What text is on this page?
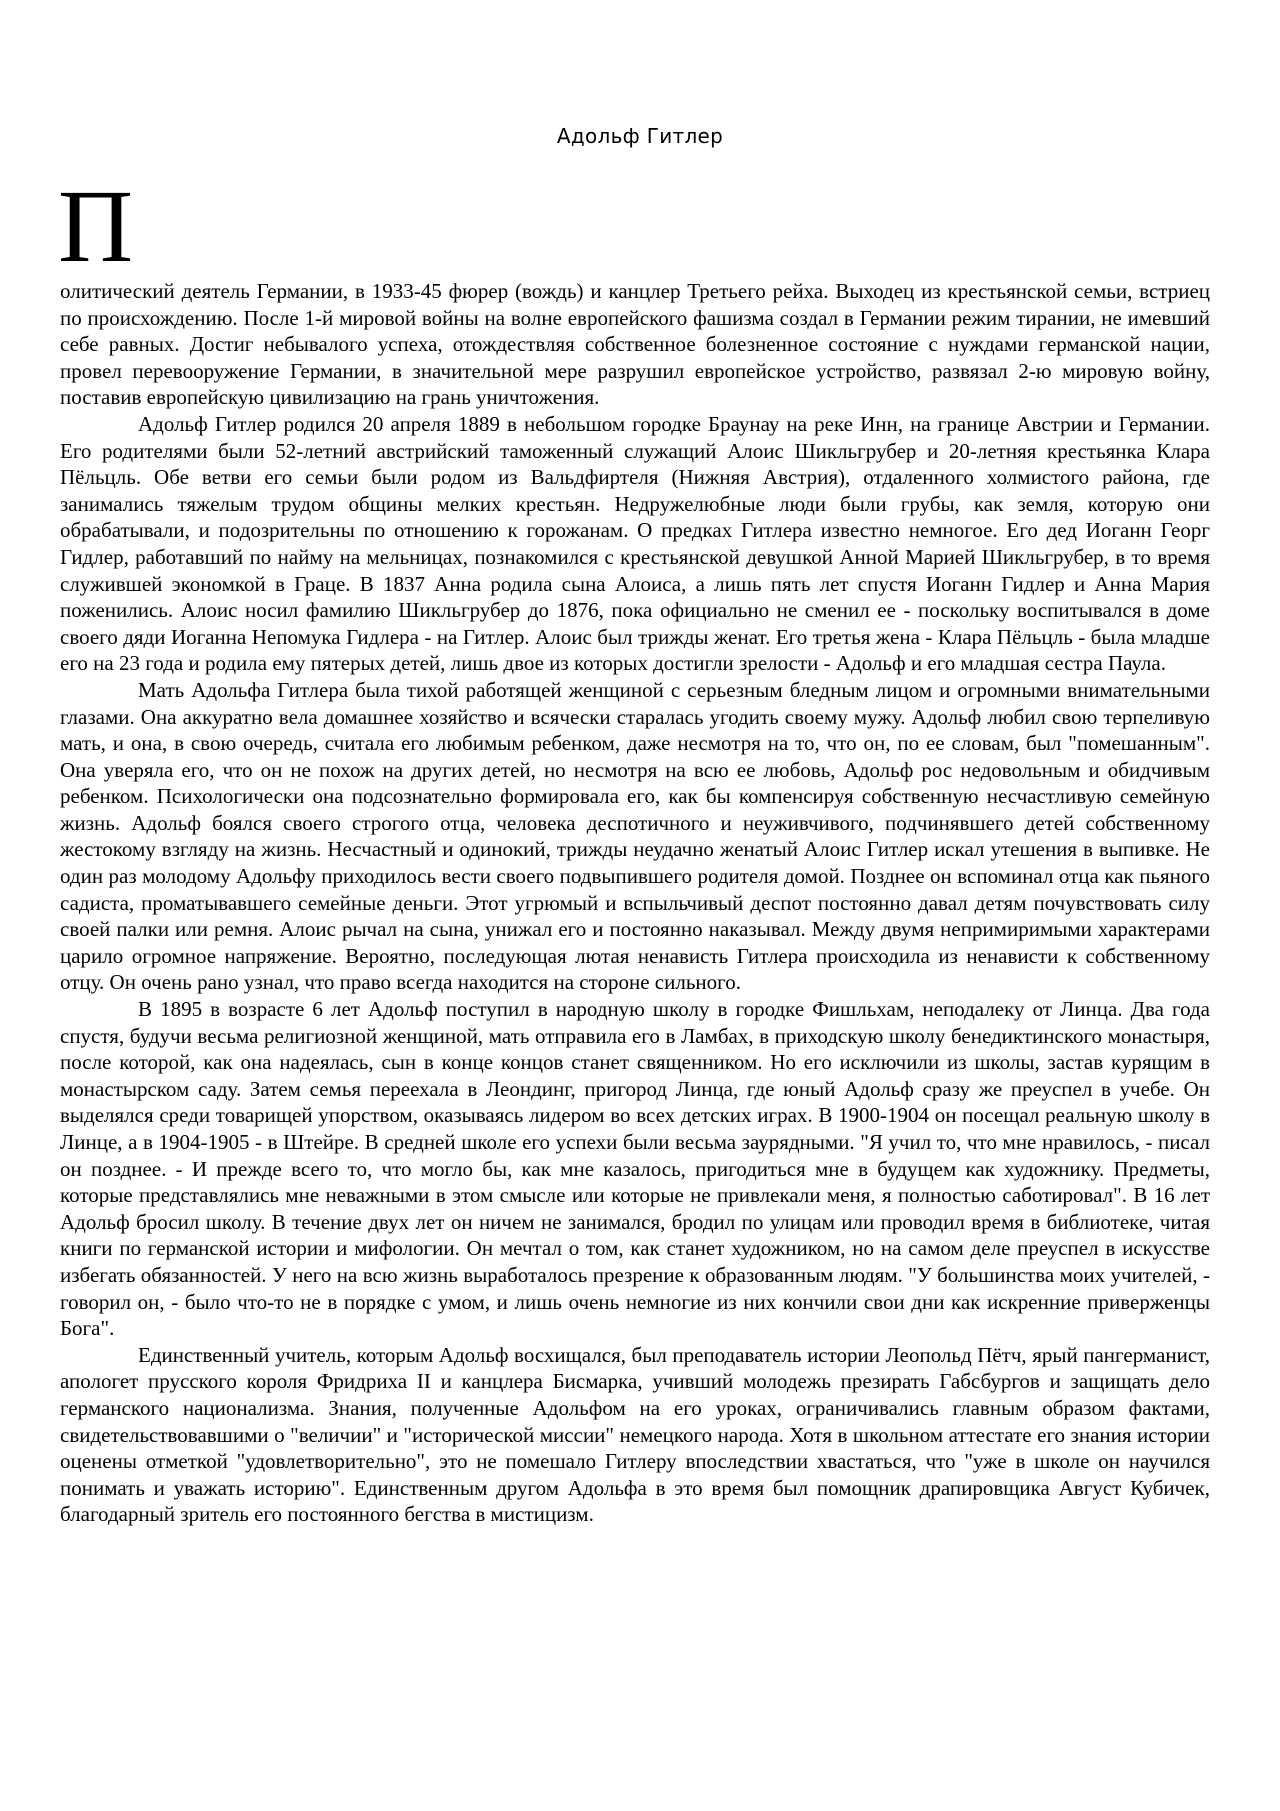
Адольф Гитлер
П

олитический деятель Германии, в 1933-45 фюрер (вождь) и канцлер Третьего рейха. Выходец из крестьянской семьи, встриец по происхождению. После 1-й мировой войны на волне европейского фашизма создал в Германии режим тирании, не имевший себе равных. Достиг небывалого успеха, отождествляя собственное болезненное состояние с нуждами германской нации, провел перевооружение Германии, в значительной мере разрушил европейское устройство, развязал 2-ю мировую войну, поставив европейскую цивилизацию на грань уничтожения.

Адольф Гитлер родился 20 апреля 1889 в небольшом городке Браунау на реке Инн, на границе Австрии и Германии. Его родителями были 52-летний австрийский таможенный служащий Алоис Шикльгрубер и 20-летняя крестьянка Клара Пёльцль. Обе ветви его семьи были родом из Вальдфиртеля (Нижняя Австрия), отдаленного холмистого района, где занимались тяжелым трудом общины мелких крестьян. Недружелюбные люди были грубы, как земля, которую они обрабатывали, и подозрительны по отношению к горожанам. О предках Гитлера известно немногое. Его дед Иоганн Георг Гидлер, работавший по найму на мельницах, познакомился с крестьянской девушкой Анной Марией Шикльгрубер, в то время служившей экономкой в Граце. В 1837 Анна родила сына Алоиса, а лишь пять лет спустя Иоганн Гидлер и Анна Мария поженились. Алоис носил фамилию Шикльгрубер до 1876, пока официально не сменил ее - поскольку воспитывался в доме своего дяди Иоганна Непомука Гидлера - на Гитлер. Алоис был трижды женат. Его третья жена - Клара Пёльцль - была младше его на 23 года и родила ему пятерых детей, лишь двое из которых достигли зрелости - Адольф и его младшая сестра Паула.

Мать Адольфа Гитлера была тихой работящей женщиной с серьезным бледным лицом и огромными внимательными глазами. Она аккуратно вела домашнее хозяйство и всячески старалась угодить своему мужу. Адольф любил свою терпеливую мать, и она, в свою очередь, считала его любимым ребенком, даже несмотря на то, что он, по ее словам, был "помешанным". Она уверяла его, что он не похож на других детей, но несмотря на всю ее любовь, Адольф рос недовольным и обидчивым ребенком. Психологически она подсознательно формировала его, как бы компенсируя собственную несчастливую семейную жизнь. Адольф боялся своего строгого отца, человека деспотичного и неуживчивого, подчинявшего детей собственному жестокому взгляду на жизнь. Несчастный и одинокий, трижды неудачно женатый Алоис Гитлер искал утешения в выпивке. Не один раз молодому Адольфу приходилось вести своего подвыпившего родителя домой. Позднее он вспоминал отца как пьяного садиста, проматывавшего семейные деньги. Этот угрюмый и вспыльчивый деспот постоянно давал детям почувствовать силу своей палки или ремня. Алоис рычал на сына, унижал его и постоянно наказывал. Между двумя непримиримыми характерами царило огромное напряжение. Вероятно, последующая лютая ненависть Гитлера происходила из ненависти к собственному отцу. Он очень рано узнал, что право всегда находится на стороне сильного.

В 1895 в возрасте 6 лет Адольф поступил в народную школу в городке Фишльхам, неподалеку от Линца. Два года спустя, будучи весьма религиозной женщиной, мать отправила его в Ламбах, в приходскую школу бенедиктинского монастыря, после которой, как она надеялась, сын в конце концов станет священником. Но его исключили из школы, застав курящим в монастырском саду. Затем семья переехала в Леондинг, пригород Линца, где юный Адольф сразу же преуспел в учебе. Он выделялся среди товарищей упорством, оказываясь лидером во всех детских играх. В 1900-1904 он посещал реальную школу в Линце, а в 1904-1905 - в Штейре. В средней школе его успехи были весьма заурядными. "Я учил то, что мне нравилось, - писал он позднее. - И прежде всего то, что могло бы, как мне казалось, пригодиться мне в будущем как художнику. Предметы, которые представлялись мне неважными в этом смысле или которые не привлекали меня, я полностью саботировал". В 16 лет Адольф бросил школу. В течение двух лет он ничем не занимался, бродил по улицам или проводил время в библиотеке, читая книги по германской истории и мифологии. Он мечтал о том, как станет художником, но на самом деле преуспел в искусстве избегать обязанностей. У него на всю жизнь выработалось презрение к образованным людям. "У большинства моих учителей, - говорил он, - было что-то не в порядке с умом, и лишь очень немногие из них кончили свои дни как искренние приверженцы Бога".

Единственный учитель, которым Адольф восхищался, был преподаватель истории Леопольд Пётч, ярый пангерманист, апологет прусского короля Фридриха II и канцлера Бисмарка, учивший молодежь презирать Габсбургов и защищать дело германского национализма. Знания, полученные Адольфом на его уроках, ограничивались главным образом фактами, свидетельствовавшими о "величии" и "исторической миссии" немецкого народа. Хотя в школьном аттестате его знания истории оценены отметкой "удовлетворительно", это не помешало Гитлеру впоследствии хвастаться, что "уже в школе он научился понимать и уважать историю". Единственным другом Адольфа в это время был помощник драпировщика Август Кубичек, благодарный зритель его постоянного бегства в мистицизм.
